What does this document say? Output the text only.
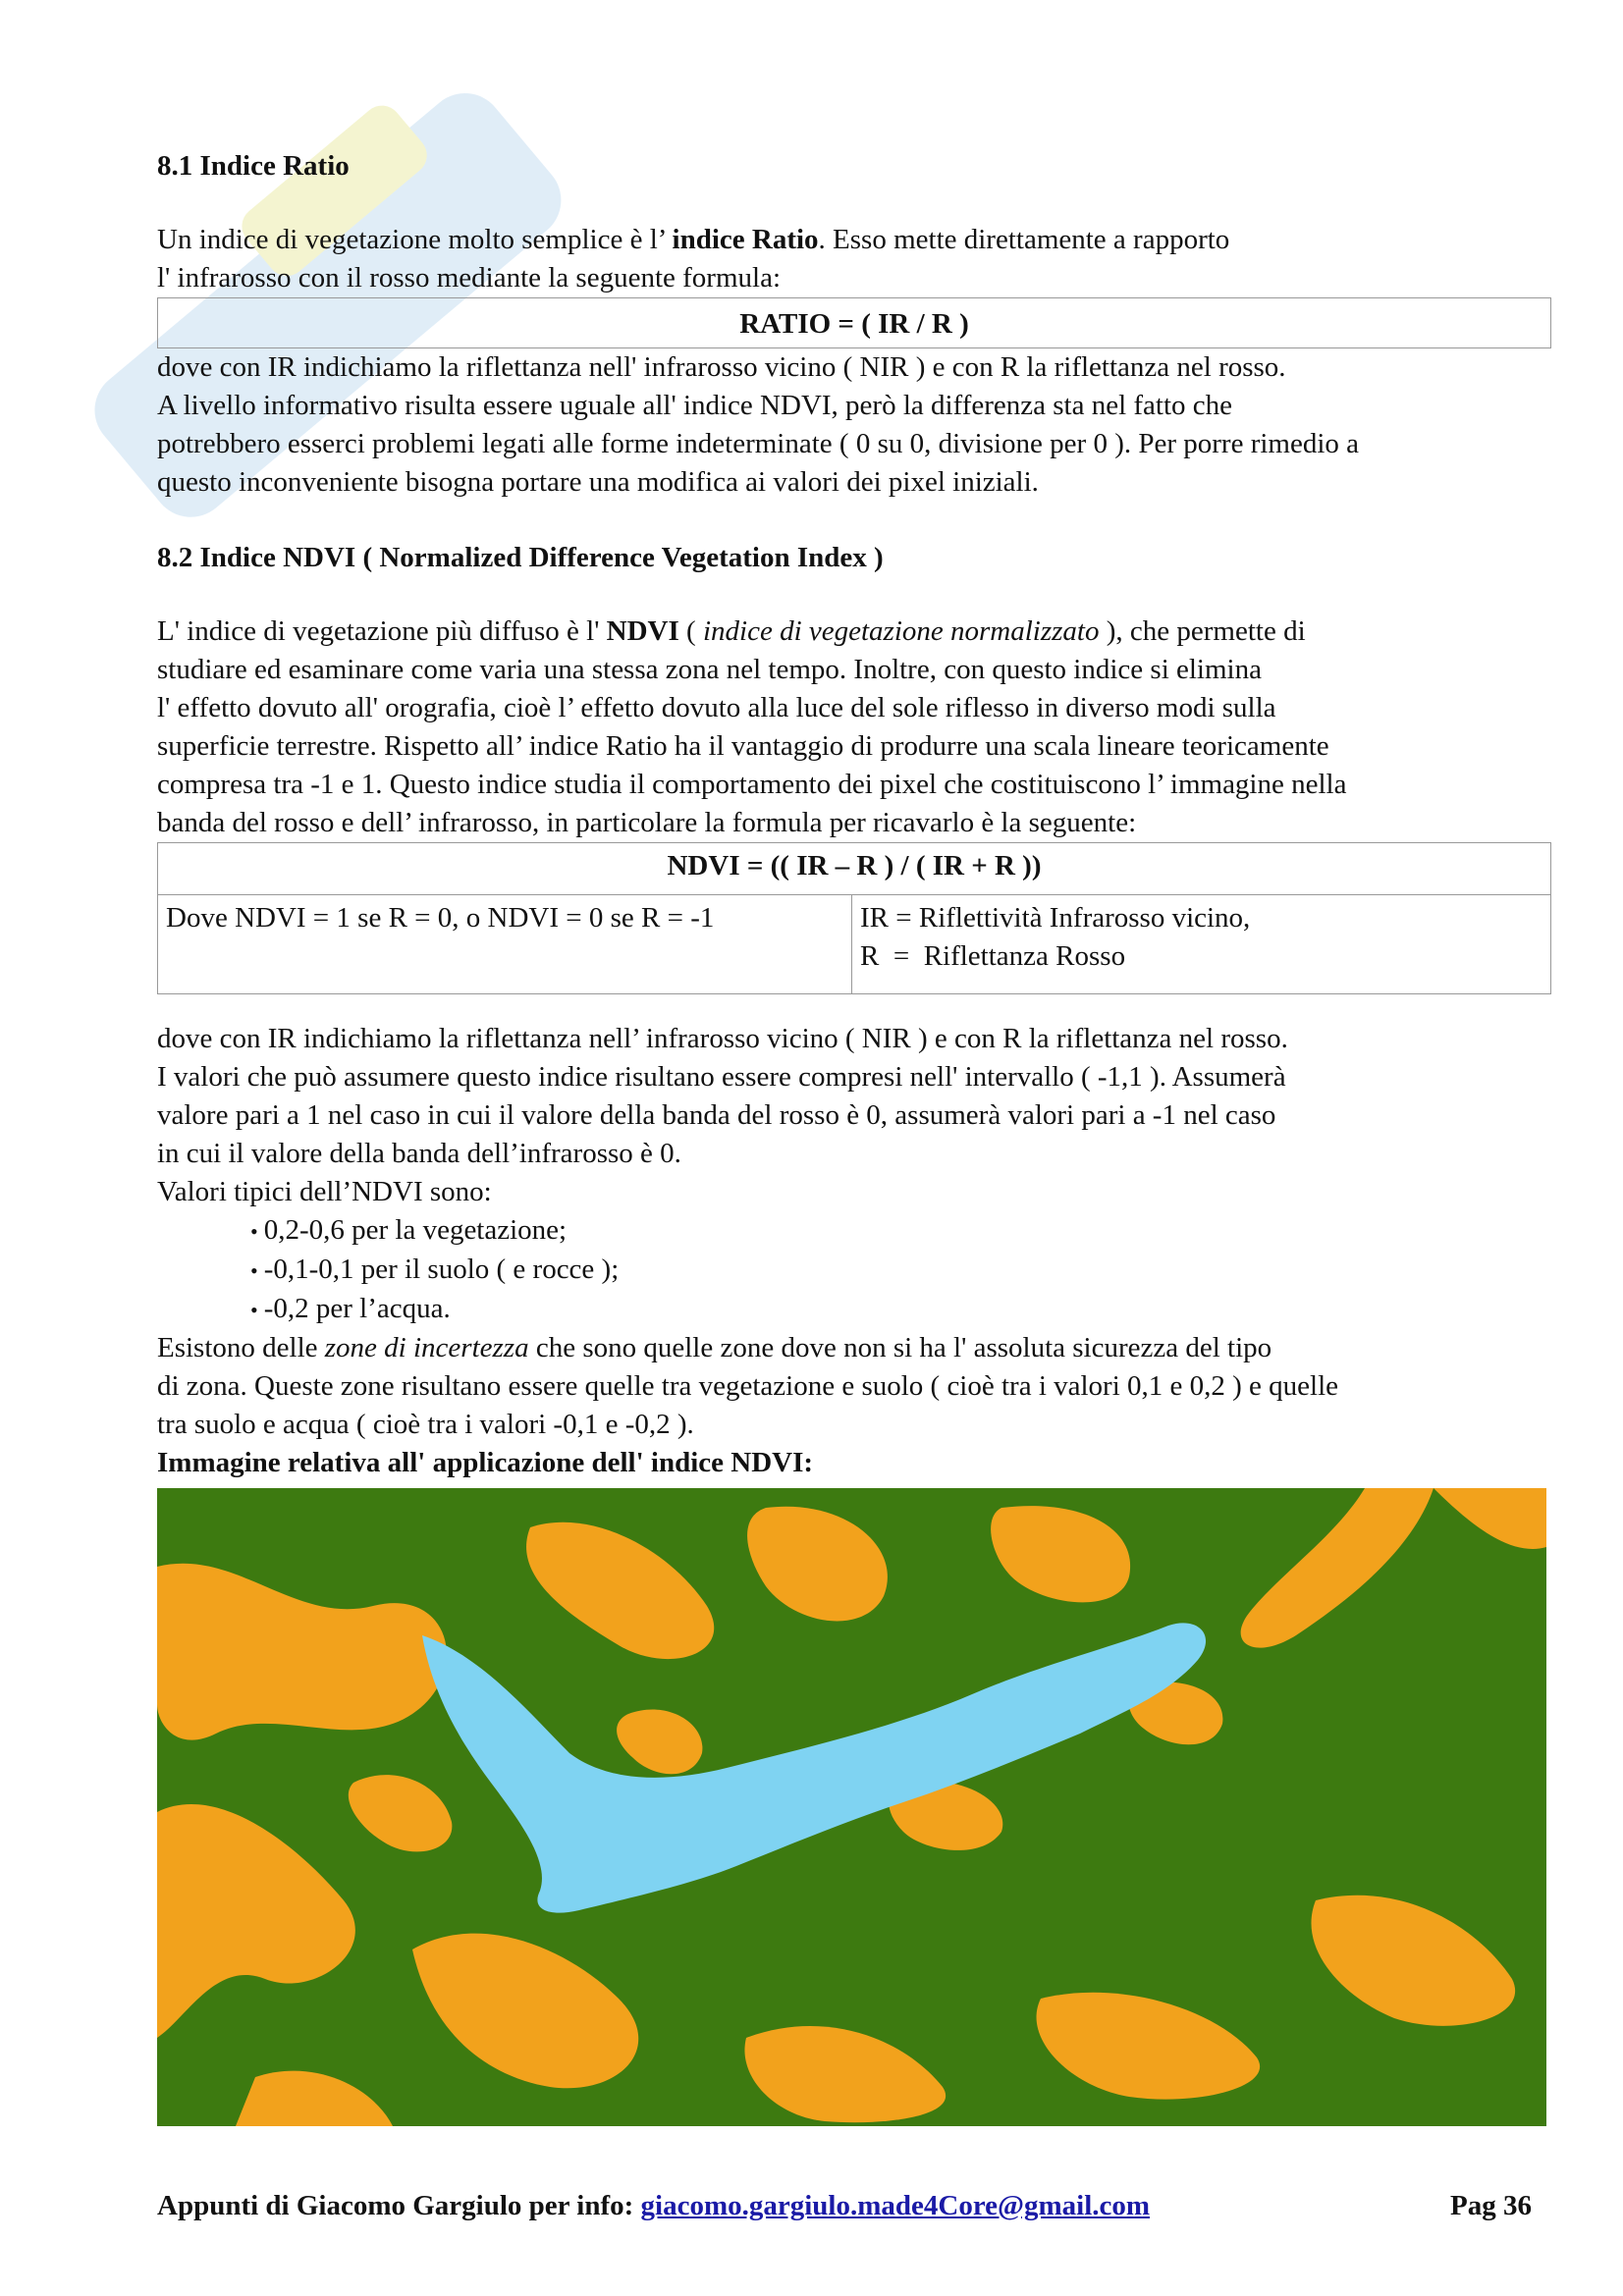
8.1 Indice Ratio

Un indice di vegetazione molto semplice è l’ indice Ratio. Esso mette direttamente a rapporto

l' infrarosso con il rosso mediante la seguente formula:

RATIO = ( IR / R )

dove con IR indichiamo la riflettanza nell' infrarosso vicino ( NIR ) e con R la riflettanza nel rosso.

A livello informativo risulta essere uguale all' indice NDVI, però la differenza sta nel fatto che

potrebbero esserci problemi legati alle forme indeterminate ( 0 su 0, divisione per 0 ). Per porre rimedio a

questo inconveniente bisogna portare una modifica ai valori dei pixel iniziali.

8.2 Indice NDVI ( Normalized Difference Vegetation Index )

L' indice di vegetazione più diffuso è l' NDVI ( indice di vegetazione normalizzato ), che permette di

studiare ed esaminare come varia una stessa zona nel tempo. Inoltre, con questo indice si elimina

l' effetto dovuto all' orografia, cioè l’ effetto dovuto alla luce del sole riflesso in diverso modi sulla

superficie terrestre. Rispetto all’ indice Ratio ha il vantaggio di produrre una scala lineare teoricamente

compresa tra -1 e 1. Questo indice studia il comportamento dei pixel che costituiscono l’ immagine nella

banda del rosso e dell’ infrarosso, in particolare la formula per ricavarlo è la seguente:

NDVI = (( IR – R ) / ( IR + R ))
Dove NDVI = 1 se R = 0, o NDVI = 0 se R = -1	IR = Riflettività Infrarosso vicino,
R  =  Riflettanza Rosso

dove con IR indichiamo la riflettanza nell’ infrarosso vicino ( NIR ) e con R la riflettanza nel rosso.

I valori che può assumere questo indice risultano essere compresi nell' intervallo ( -1,1 ). Assumerà

valore pari a 1 nel caso in cui il valore della banda del rosso è 0, assumerà valori pari a -1 nel caso

in cui il valore della banda dell’infrarosso è 0.

Valori tipici dell’NDVI sono:

• 0,2-0,6 per la vegetazione;
• -0,1-0,1 per il suolo ( e rocce );
• -0,2 per l’acqua.

Esistono delle zone di incertezza che sono quelle zone dove non si ha l' assoluta sicurezza del tipo

di zona. Queste zone risultano essere quelle tra vegetazione e suolo ( cioè tra i valori 0,1 e 0,2 ) e quelle

tra suolo e acqua ( cioè tra i valori -0,1 e -0,2 ).

Immagine relativa all' applicazione dell' indice NDVI:

Appunti di Giacomo Gargiulo per info: giacomo.gargiulo.made4Core@gmail.com	Pag 36
